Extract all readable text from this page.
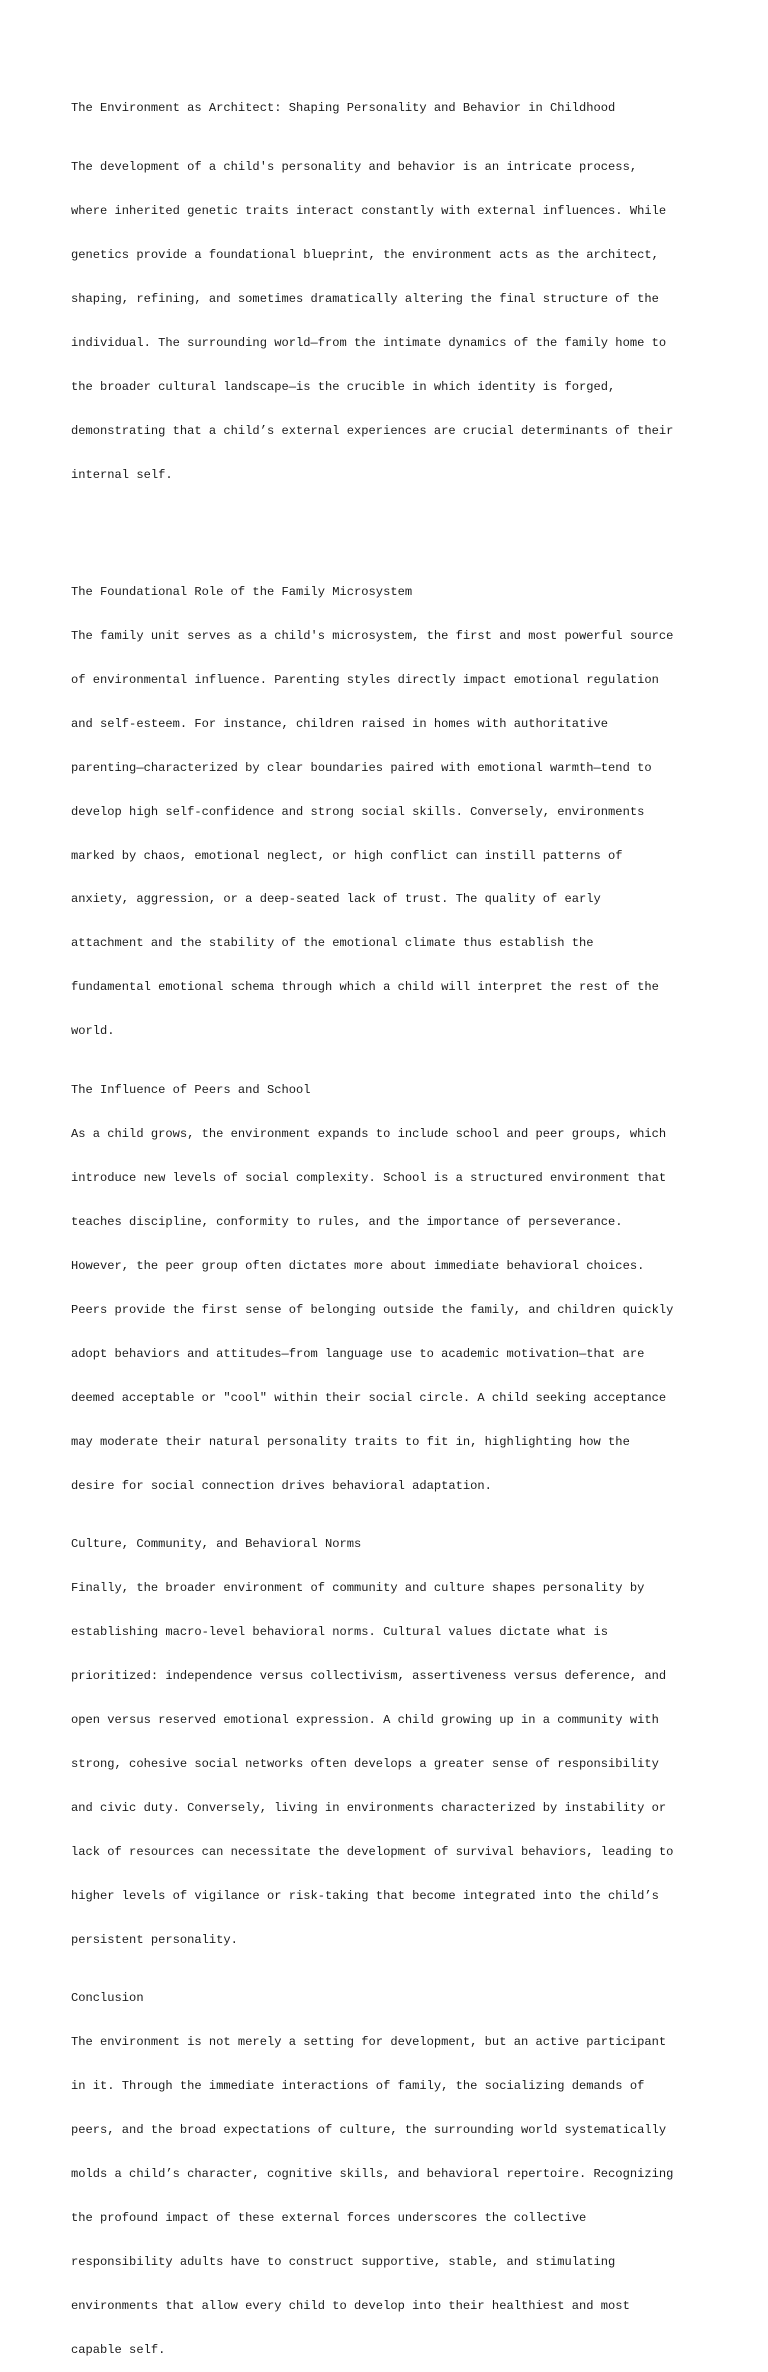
The Environment as Architect: Shaping Personality and Behavior in Childhood

The development of a child's personality and behavior is an intricate process,

where inherited genetic traits interact constantly with external influences. While

genetics provide a foundational blueprint, the environment acts as the architect,

shaping, refining, and sometimes dramatically altering the final structure of the

individual. The surrounding world—from the intimate dynamics of the family home to

the broader cultural landscape—is the crucible in which identity is forged,

demonstrating that a child’s external experiences are crucial determinants of their

internal self.

The Foundational Role of the Family Microsystem

The family unit serves as a child's microsystem, the first and most powerful source

of environmental influence. Parenting styles directly impact emotional regulation

and self-esteem. For instance, children raised in homes with authoritative

parenting—characterized by clear boundaries paired with emotional warmth—tend to

develop high self-confidence and strong social skills. Conversely, environments

marked by chaos, emotional neglect, or high conflict can instill patterns of

anxiety, aggression, or a deep-seated lack of trust. The quality of early

attachment and the stability of the emotional climate thus establish the

fundamental emotional schema through which a child will interpret the rest of the

world.

The Influence of Peers and School

As a child grows, the environment expands to include school and peer groups, which

introduce new levels of social complexity. School is a structured environment that

teaches discipline, conformity to rules, and the importance of perseverance.

However, the peer group often dictates more about immediate behavioral choices.

Peers provide the first sense of belonging outside the family, and children quickly

adopt behaviors and attitudes—from language use to academic motivation—that are

deemed acceptable or "cool" within their social circle. A child seeking acceptance

may moderate their natural personality traits to fit in, highlighting how the

desire for social connection drives behavioral adaptation.

Culture, Community, and Behavioral Norms

Finally, the broader environment of community and culture shapes personality by

establishing macro-level behavioral norms. Cultural values dictate what is

prioritized: independence versus collectivism, assertiveness versus deference, and

open versus reserved emotional expression. A child growing up in a community with

strong, cohesive social networks often develops a greater sense of responsibility

and civic duty. Conversely, living in environments characterized by instability or

lack of resources can necessitate the development of survival behaviors, leading to

higher levels of vigilance or risk-taking that become integrated into the child’s

persistent personality.

Conclusion

The environment is not merely a setting for development, but an active participant

in it. Through the immediate interactions of family, the socializing demands of

peers, and the broad expectations of culture, the surrounding world systematically

molds a child’s character, cognitive skills, and behavioral repertoire. Recognizing

the profound impact of these external forces underscores the collective

responsibility adults have to construct supportive, stable, and stimulating

environments that allow every child to develop into their healthiest and most

capable self.
